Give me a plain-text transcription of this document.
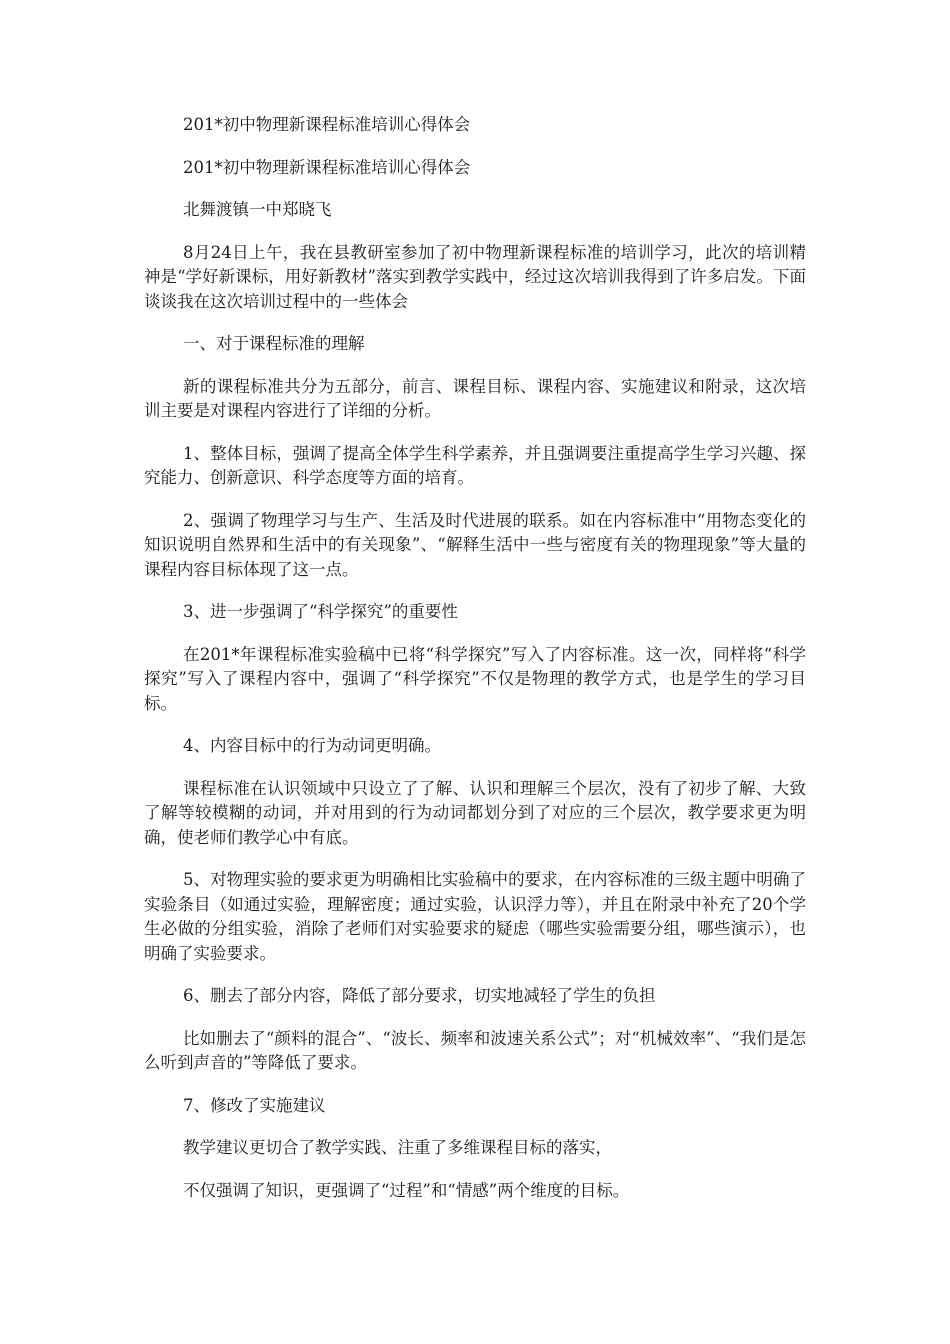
201*初中物理新课程标准培训心得体会

201*初中物理新课程标准培训心得体会

北舞渡镇一中郑晓飞

8月24日上午，我在县教研室参加了初中物理新课程标准的培训学习，此次的培训精神是“学好新课标，用好新教材”落实到教学实践中，经过这次培训我得到了许多启发。下面谈谈我在这次培训过程中的一些体会

一、对于课程标准的理解

新的课程标准共分为五部分，前言、课程目标、课程内容、实施建议和附录，这次培训主要是对课程内容进行了详细的分析。

1、整体目标，强调了提高全体学生科学素养，并且强调要注重提高学生学习兴趣、探究能力、创新意识、科学态度等方面的培育。

2、强调了物理学习与生产、生活及时代进展的联系。如在内容标准中“用物态变化的知识说明自然界和生活中的有关现象”、“解释生活中一些与密度有关的物理现象”等大量的课程内容目标体现了这一点。

3、进一步强调了“科学探究”的重要性

在201*年课程标准实验稿中已将“科学探究”写入了内容标准。这一次，同样将“科学探究”写入了课程内容中，强调了“科学探究”不仅是物理的教学方式，也是学生的学习目标。

4、内容目标中的行为动词更明确。

课程标准在认识领域中只设立了了解、认识和理解三个层次，没有了初步了解、大致了解等较模糊的动词，并对用到的行为动词都划分到了对应的三个层次，教学要求更为明确，使老师们教学心中有底。

5、对物理实验的要求更为明确相比实验稿中的要求，在内容标准的三级主题中明确了实验条目（如通过实验，理解密度；通过实验，认识浮力等），并且在附录中补充了20个学生必做的分组实验，消除了老师们对实验要求的疑虑（哪些实验需要分组，哪些演示），也明确了实验要求。

6、删去了部分内容，降低了部分要求，切实地减轻了学生的负担

比如删去了“颜料的混合”、“波长、频率和波速关系公式”；对“机械效率”、“我们是怎么听到声音的”等降低了要求。

7、修改了实施建议

教学建议更切合了教学实践、注重了多维课程目标的落实，

不仅强调了知识，更强调了“过程”和“情感”两个维度的目标。
